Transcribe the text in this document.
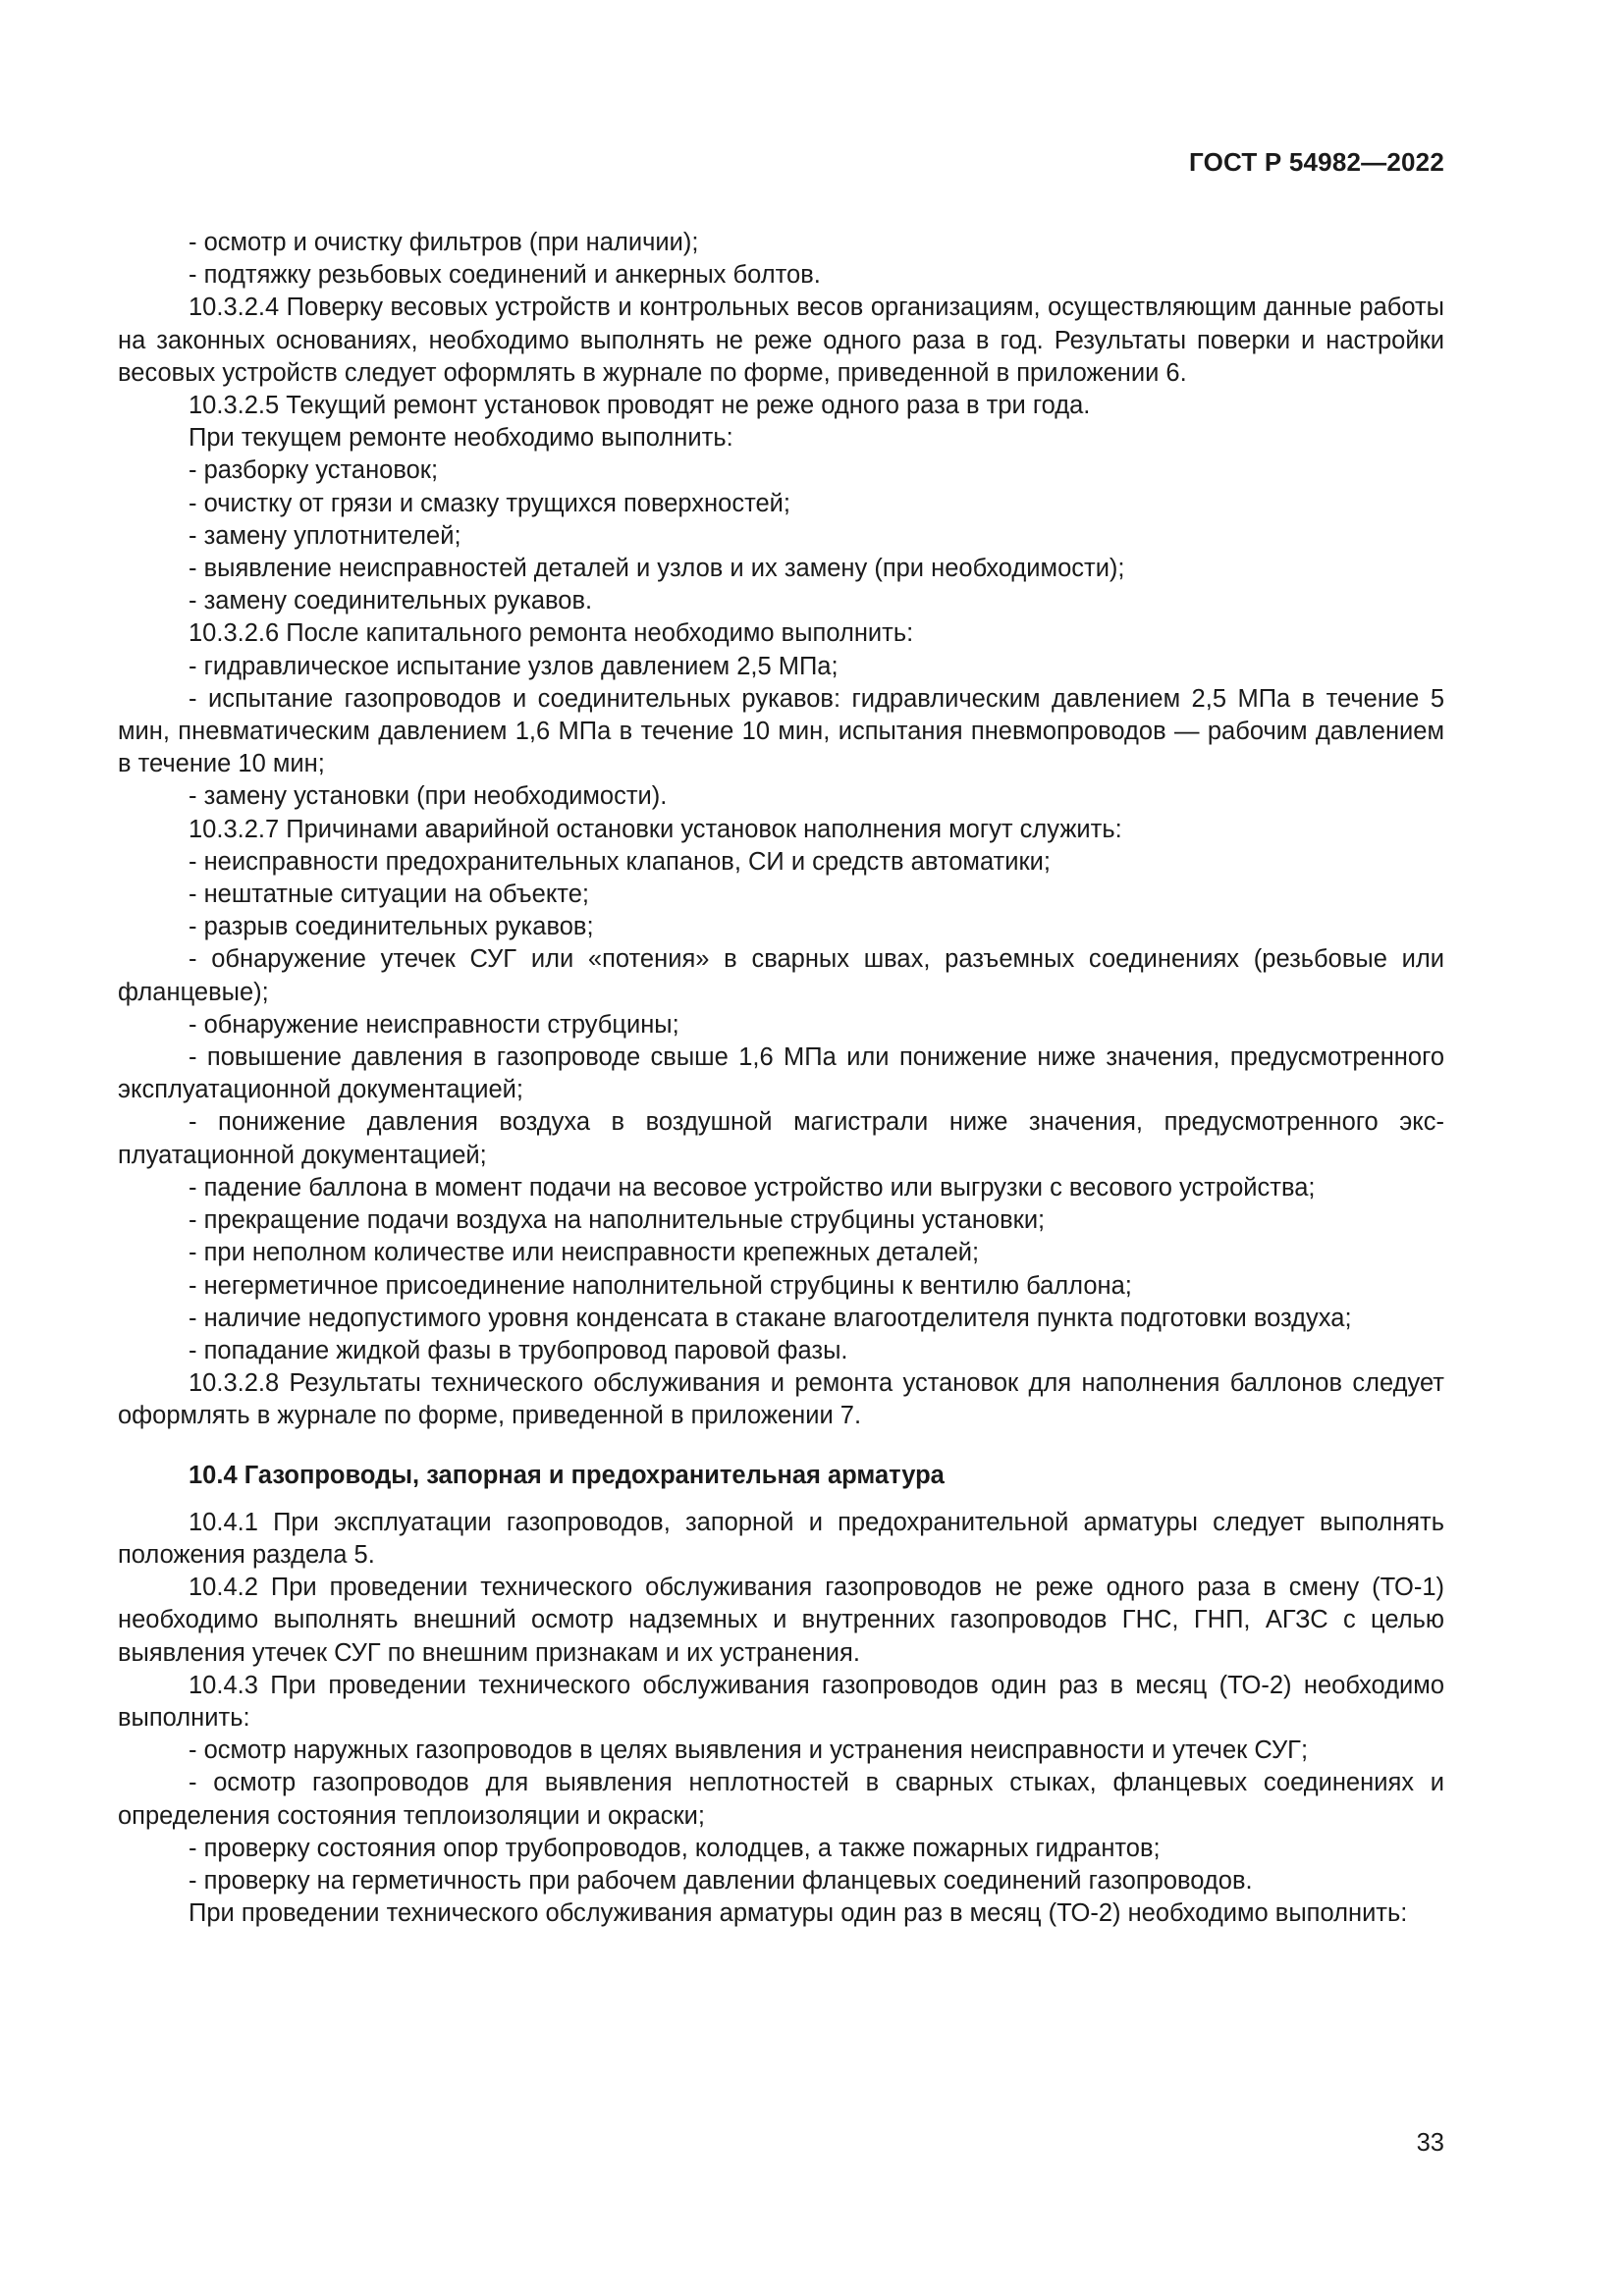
ГОСТ Р 54982—2022

- осмотр и очистку фильтров (при наличии);

- подтяжку резьбовых соединений и анкерных болтов.

10.3.2.4 Поверку весовых устройств и контрольных весов организациям, осуществляющим данные работы на законных основаниях, необходимо выполнять не реже одного раза в год. Результаты поверки и настройки весовых устройств следует оформлять в журнале по форме, приведенной в приложении 6.

10.3.2.5 Текущий ремонт установок проводят не реже одного раза в три года.

При текущем ремонте необходимо выполнить:

- разборку установок;

- очистку от грязи и смазку трущихся поверхностей;

- замену уплотнителей;

- выявление неисправностей деталей и узлов и их замену (при необходимости);

- замену соединительных рукавов.

10.3.2.6 После капитального ремонта необходимо выполнить:

- гидравлическое испытание узлов давлением 2,5 МПа;

- испытание газопроводов и соединительных рукавов: гидравлическим давлением 2,5 МПа в течение 5 мин, пневматическим давлением 1,6 МПа в течение 10 мин, испытания пневмопроводов — рабочим давлением в течение 10 мин;

- замену установки (при необходимости).

10.3.2.7 Причинами аварийной остановки установок наполнения могут служить:

- неисправности предохранительных клапанов, СИ и средств автоматики;

- нештатные ситуации на объекте;

- разрыв соединительных рукавов;

- обнаружение утечек СУГ или «потения» в сварных швах, разъемных соединениях (резьбовые или фланцевые);

- обнаружение неисправности струбцины;

- повышение давления в газопроводе свыше 1,6 МПа или понижение ниже значения, предусмотренного эксплуатационной документацией;

- понижение давления воздуха в воздушной магистрали ниже значения, предусмотренного эксплуатационной документацией;

- падение баллона в момент подачи на весовое устройство или выгрузки с весового устройства;

- прекращение подачи воздуха на наполнительные струбцины установки;

- при неполном количестве или неисправности крепежных деталей;

- негерметичное присоединение наполнительной струбцины к вентилю баллона;

- наличие недопустимого уровня конденсата в стакане влагоотделителя пункта подготовки воздуха;

- попадание жидкой фазы в трубопровод паровой фазы.

10.3.2.8 Результаты технического обслуживания и ремонта установок для наполнения баллонов следует оформлять в журнале по форме, приведенной в приложении 7.

10.4 Газопроводы, запорная и предохранительная арматура

10.4.1 При эксплуатации газопроводов, запорной и предохранительной арматуры следует выполнять положения раздела 5.

10.4.2 При проведении технического обслуживания газопроводов не реже одного раза в смену (ТО-1) необходимо выполнять внешний осмотр надземных и внутренних газопроводов ГНС, ГНП, АГЗС с целью выявления утечек СУГ по внешним признакам и их устранения.

10.4.3 При проведении технического обслуживания газопроводов один раз в месяц (ТО-2) необходимо выполнить:

- осмотр наружных газопроводов в целях выявления и устранения неисправности и утечек СУГ;

- осмотр газопроводов для выявления неплотностей в сварных стыках, фланцевых соединениях и определения состояния теплоизоляции и окраски;

- проверку состояния опор трубопроводов, колодцев, а также пожарных гидрантов;

- проверку на герметичность при рабочем давлении фланцевых соединений газопроводов.

При проведении технического обслуживания арматуры один раз в месяц (ТО-2) необходимо выполнить:

33
